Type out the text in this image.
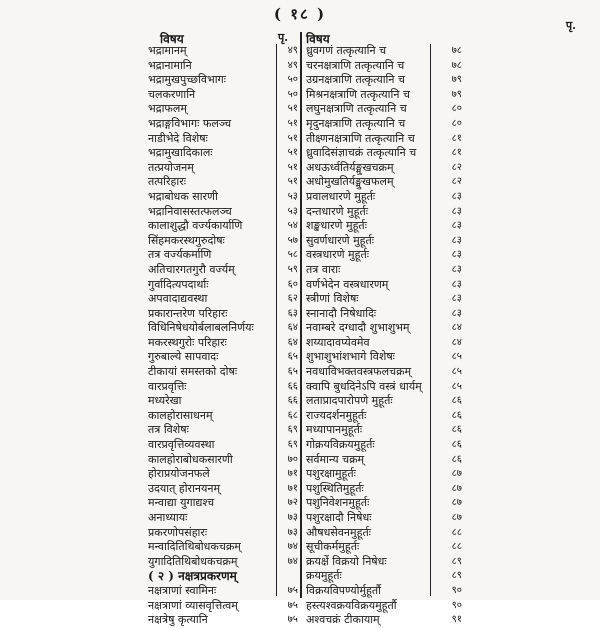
( १८ )
पृ.
विषय	पृ. विषय
भद्रामानम्	४९
भद्रानामानि	४९
भद्रामुखपुच्छविभागः	५०
चलकरणानि	५०
भद्राफलम्	५१
भद्राङ्गविभागः फलञ्च	५१
नाडीभेदे विशेषः	५१
भद्रामुखादिकालः	५१
तत्प्रयोजनम्	५१
तत्परिहारः	५१
भद्राबोधक सारणी	५३
भद्रानिवासस्तत्फलञ्च	५३
कालाशुद्धौ वर्ज्यकार्याणि	५४
सिंहमकरस्थगुरुदोषः	५७
तत्र वर्ज्यकर्माणि	५८
अतिचारगतगुरौ वर्ज्यम्	५९
गुर्वादित्यपदार्थाः	६०
अपवादाद्यवस्था	६२
प्रकारान्तरेण परिहारः	६३
विधिनिषेधयोर्बलाबलनिर्णयः	६४
मकरस्थगुरोः परिहारः	६४
गुरुबाल्ये सापवादः	६५
टीकायां समस्तको दोषः	६५
वारप्रवृत्तिः	६६
मध्यरेखा	६६
कालहोरासाधनम्	६८
तत्र विशेषः	६९
वारप्रवृत्तिव्यवस्था	६९
कालहोराबोधकसारणी	७०
होराप्रयोजनफले	७१
उदयात् होरानयनम्	७१
मन्वाद्या युगाद्यश्च	७२
अनाध्यायः	७३
प्रकरणोपसंहारः	७३
मन्वादितिथिबोधकचक्रम्	७४
युगादितिथिबोधकचक्रम्	७४
( २ ) नक्षत्रप्रकरणम्
नक्षत्राणां स्वामिनः	७५
नक्षत्राणां व्यासवृत्तित्वम्	७५
नक्षत्रेषु कृत्यानि	७५
ध्रुवगणं तत्कृत्यानि च	७८
चरनक्षत्राणि तत्कृत्यानि च	७८
उग्रनक्षत्राणि तत्कृत्यानि च	७९
मिश्रनक्षत्राणि तत्कृत्यानि च	७९
लघुनक्षत्राणि तत्कृत्यानि च	८०
मृदुनक्षत्राणि तत्कृत्यानि च	८०
तीक्ष्णनक्षत्राणि तत्कृत्यानि च	८१
ध्रुवादिसंज्ञाचक्रं तत्कृत्यानि च	८१
अधऊर्ध्वतिर्यङ्मुखचक्रम्	८२
अधोमुखतिर्यङ्मुखफलम्	८२
प्रवालधारणे मुहूर्तः	८३
दन्तधारणे मुहूर्तः	८३
शङ्खधारणे मुहूर्तः	८३
सुवर्णधारणे मुहूर्तः	८३
वस्त्रधारणे मुहूर्तः	८३
तत्र वाराः	८३
वर्णभेदेन वस्त्रधारणम्	८३
स्त्रीणां विशेषः	८३
स्नानादौ निषेधादिः	८३
नवाम्बरे दग्धादौ शुभाशुभम्	८४
शय्यादावप्येवमेव	८४
शुभाशुभांशभागे विशेषः	८५
नवधाविभक्तवस्त्रफलचक्रम्	८५
क्वापि बुधदिनेऽपि वस्त्रं धार्यम्	८५
लताप्रादपारोपणे मुहूर्तः	८६
राज्यदर्शनमुहूर्तः	८६
मध्यापानमुहूर्तः	८६
गोक्रयविक्रयमुहूर्तः	८६
सर्वमान्य चक्रम्	८६
पशुरक्षामुहूर्तः	८७
पशुस्थितिमुहूर्तः	८७
पशुनिवेशनमुहूर्तः	८७
पशुरक्षादौ निषेधः	८७
औषधसेवनमुहूर्तः	८८
सूचीकर्ममुहूर्तः	८८
क्रयर्क्षे विक्रयो निषेधः	८९
क्रयमुहूर्तः	८९
विक्रयविपण्योर्मुहूर्तौ	९०
हस्त्यश्वक्रयविक्रयमुहूर्तौ	९०
अश्वचक्रं टीकायाम्	९१
